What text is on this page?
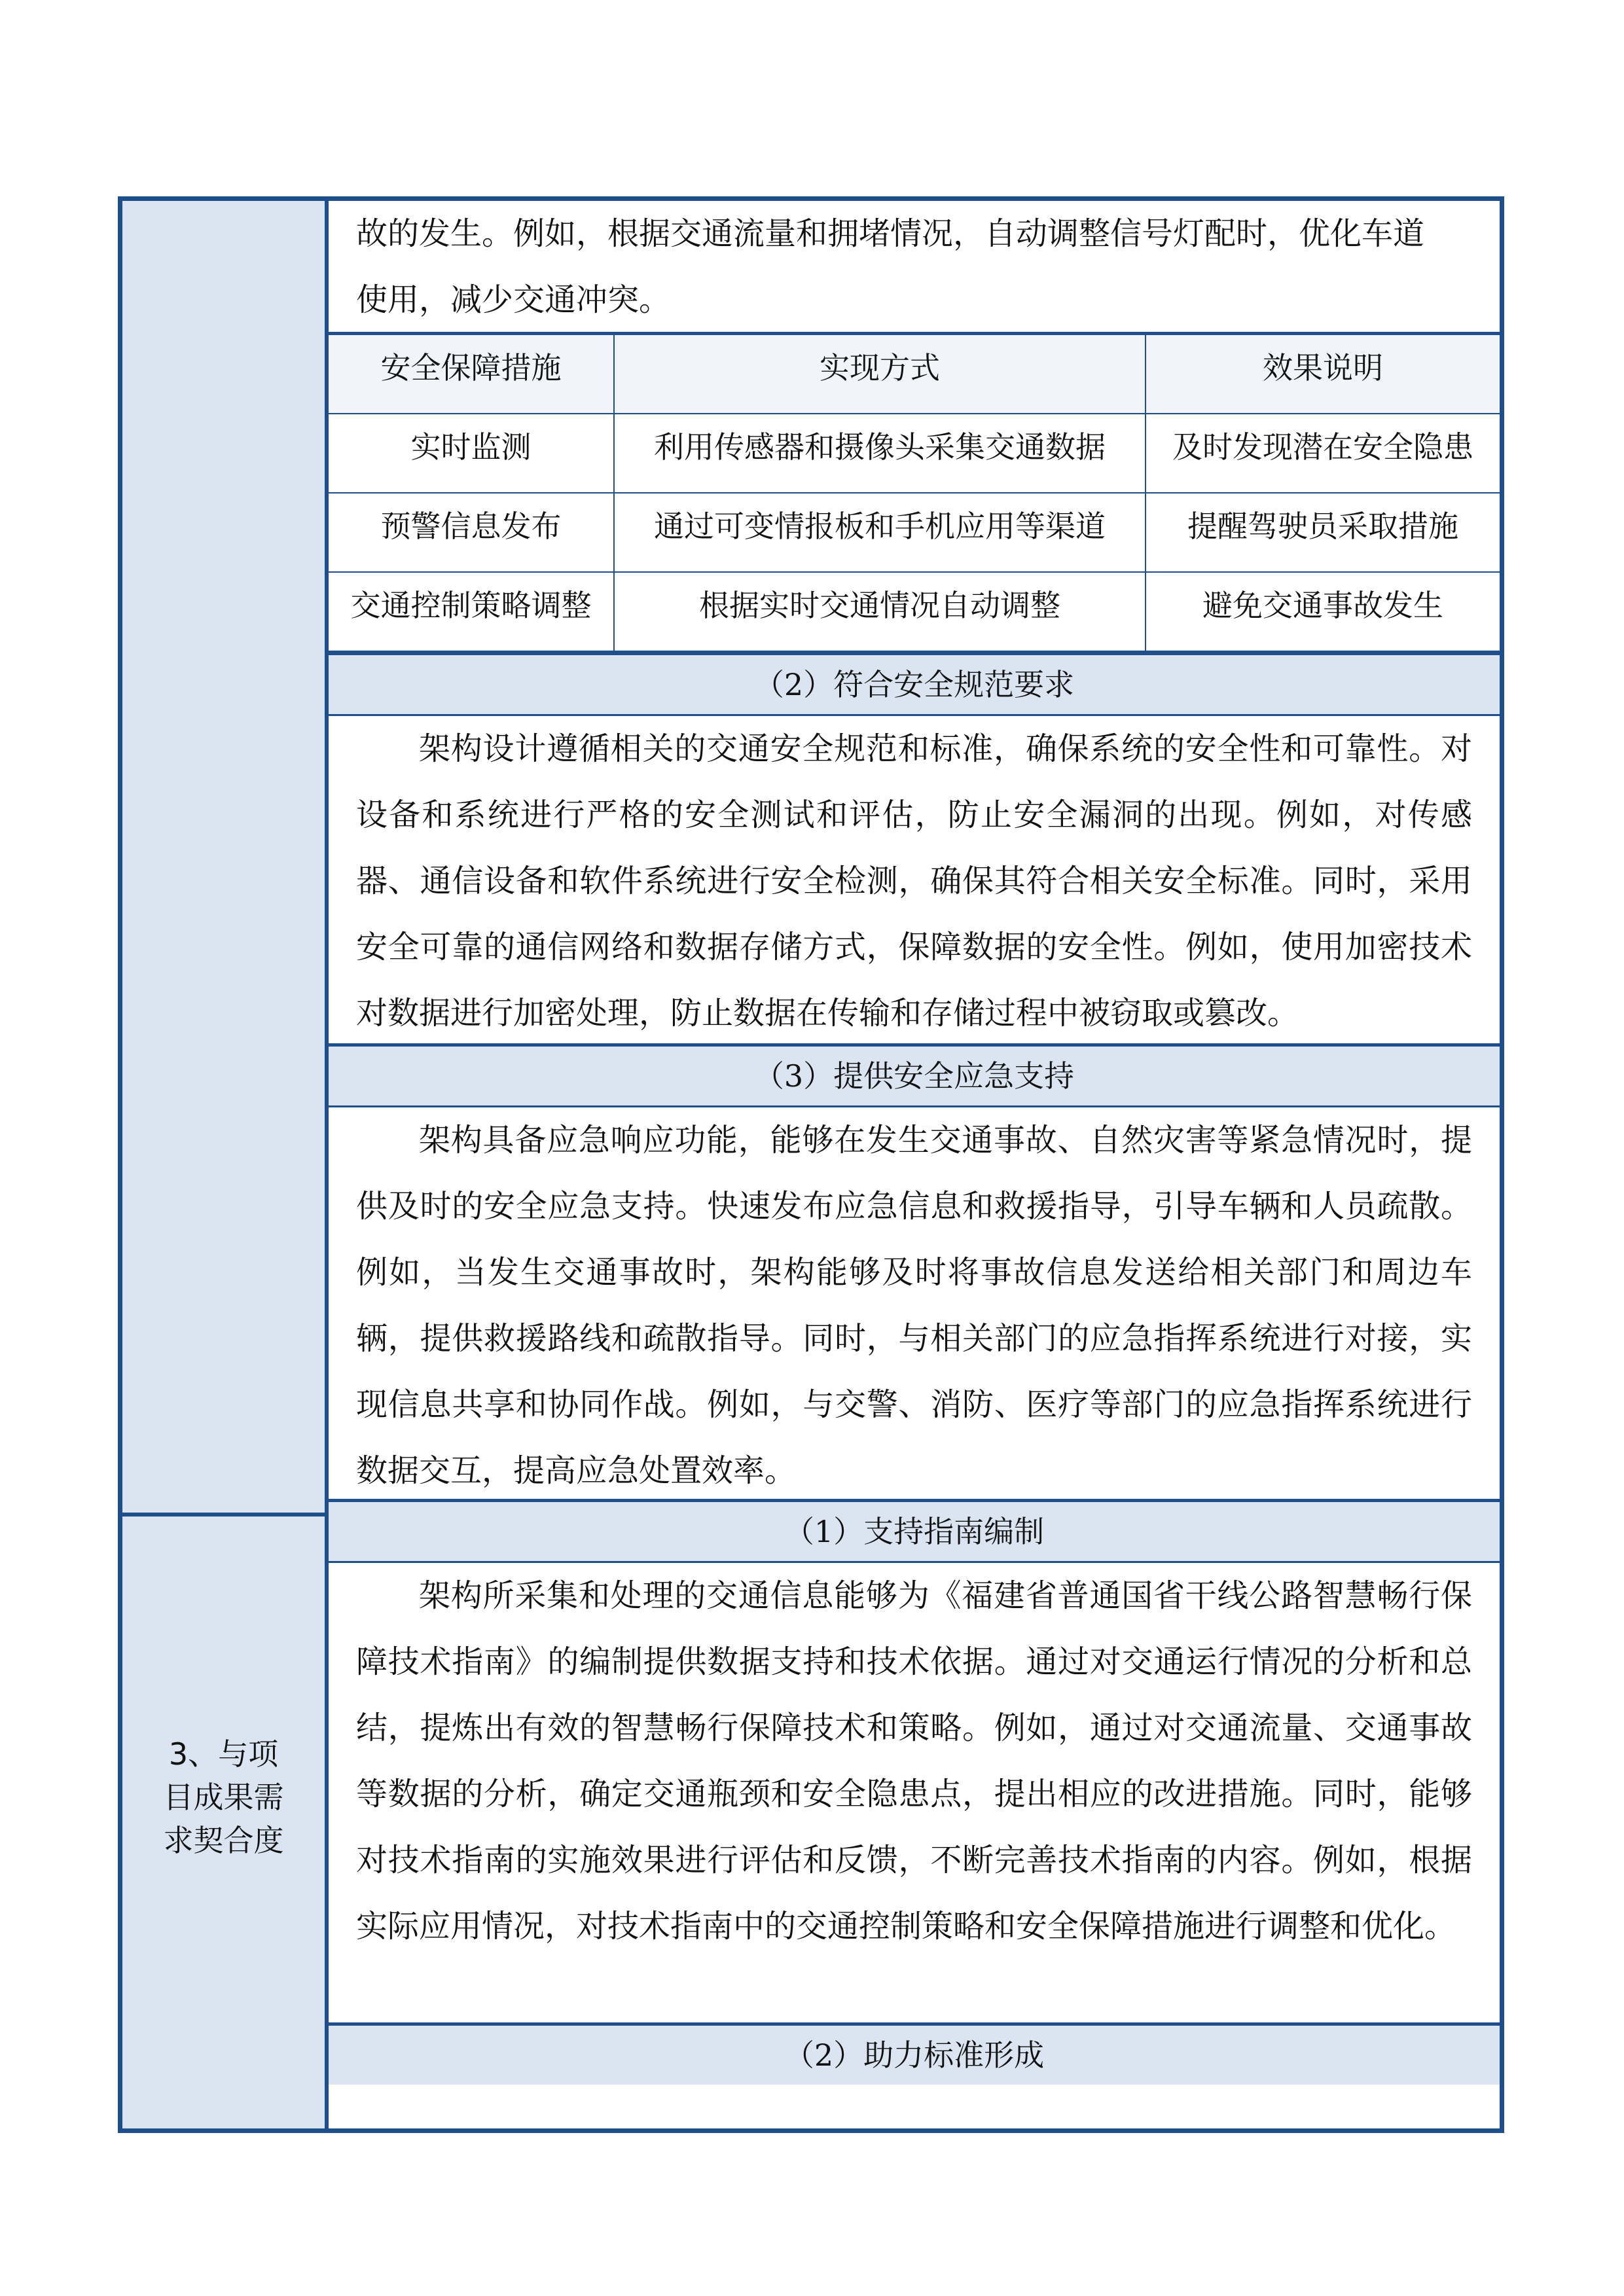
3、与项目成果需求契合度

故的发生。例如，根据交通流量和拥堵情况，自动调整信号灯配时，优化车道

使用，减少交通冲突。

安全保障措施	实现方式	效果说明
实时监测	利用传感器和摄像头采集交通数据	及时发现潜在安全隐患
预警信息发布	通过可变情报板和手机应用等渠道	提醒驾驶员采取措施
交通控制策略调整	根据实时交通情况自动调整	避免交通事故发生
（2）符合安全规范要求

架构设计遵循相关的交通安全规范和标准，确保系统的安全性和可靠性。对设备和系统进行严格的安全测试和评估，防止安全漏洞的出现。例如，对传感器、通信设备和软件系统进行安全检测，确保其符合相关安全标准。同时，采用安全可靠的通信网络和数据存储方式，保障数据的安全性。例如，使用加密技术对数据进行加密处理，防止数据在传输和存储过程中被窃取或篡改。

（3）提供安全应急支持

架构具备应急响应功能，能够在发生交通事故、自然灾害等紧急情况时，提供及时的安全应急支持。快速发布应急信息和救援指导，引导车辆和人员疏散。例如，当发生交通事故时，架构能够及时将事故信息发送给相关部门和周边车辆，提供救援路线和疏散指导。同时，与相关部门的应急指挥系统进行对接，实现信息共享和协同作战。例如，与交警、消防、医疗等部门的应急指挥系统进行数据交互，提高应急处置效率。

（1）支持指南编制

架构所采集和处理的交通信息能够为《福建省普通国省干线公路智慧畅行保障技术指南》的编制提供数据支持和技术依据。通过对交通运行情况的分析和总结，提炼出有效的智慧畅行保障技术和策略。例如，通过对交通流量、交通事故等数据的分析，确定交通瓶颈和安全隐患点，提出相应的改进措施。同时，能够对技术指南的实施效果进行评估和反馈，不断完善技术指南的内容。例如，根据实际应用情况，对技术指南中的交通控制策略和安全保障措施进行调整和优化。

（2）助力标准形成
